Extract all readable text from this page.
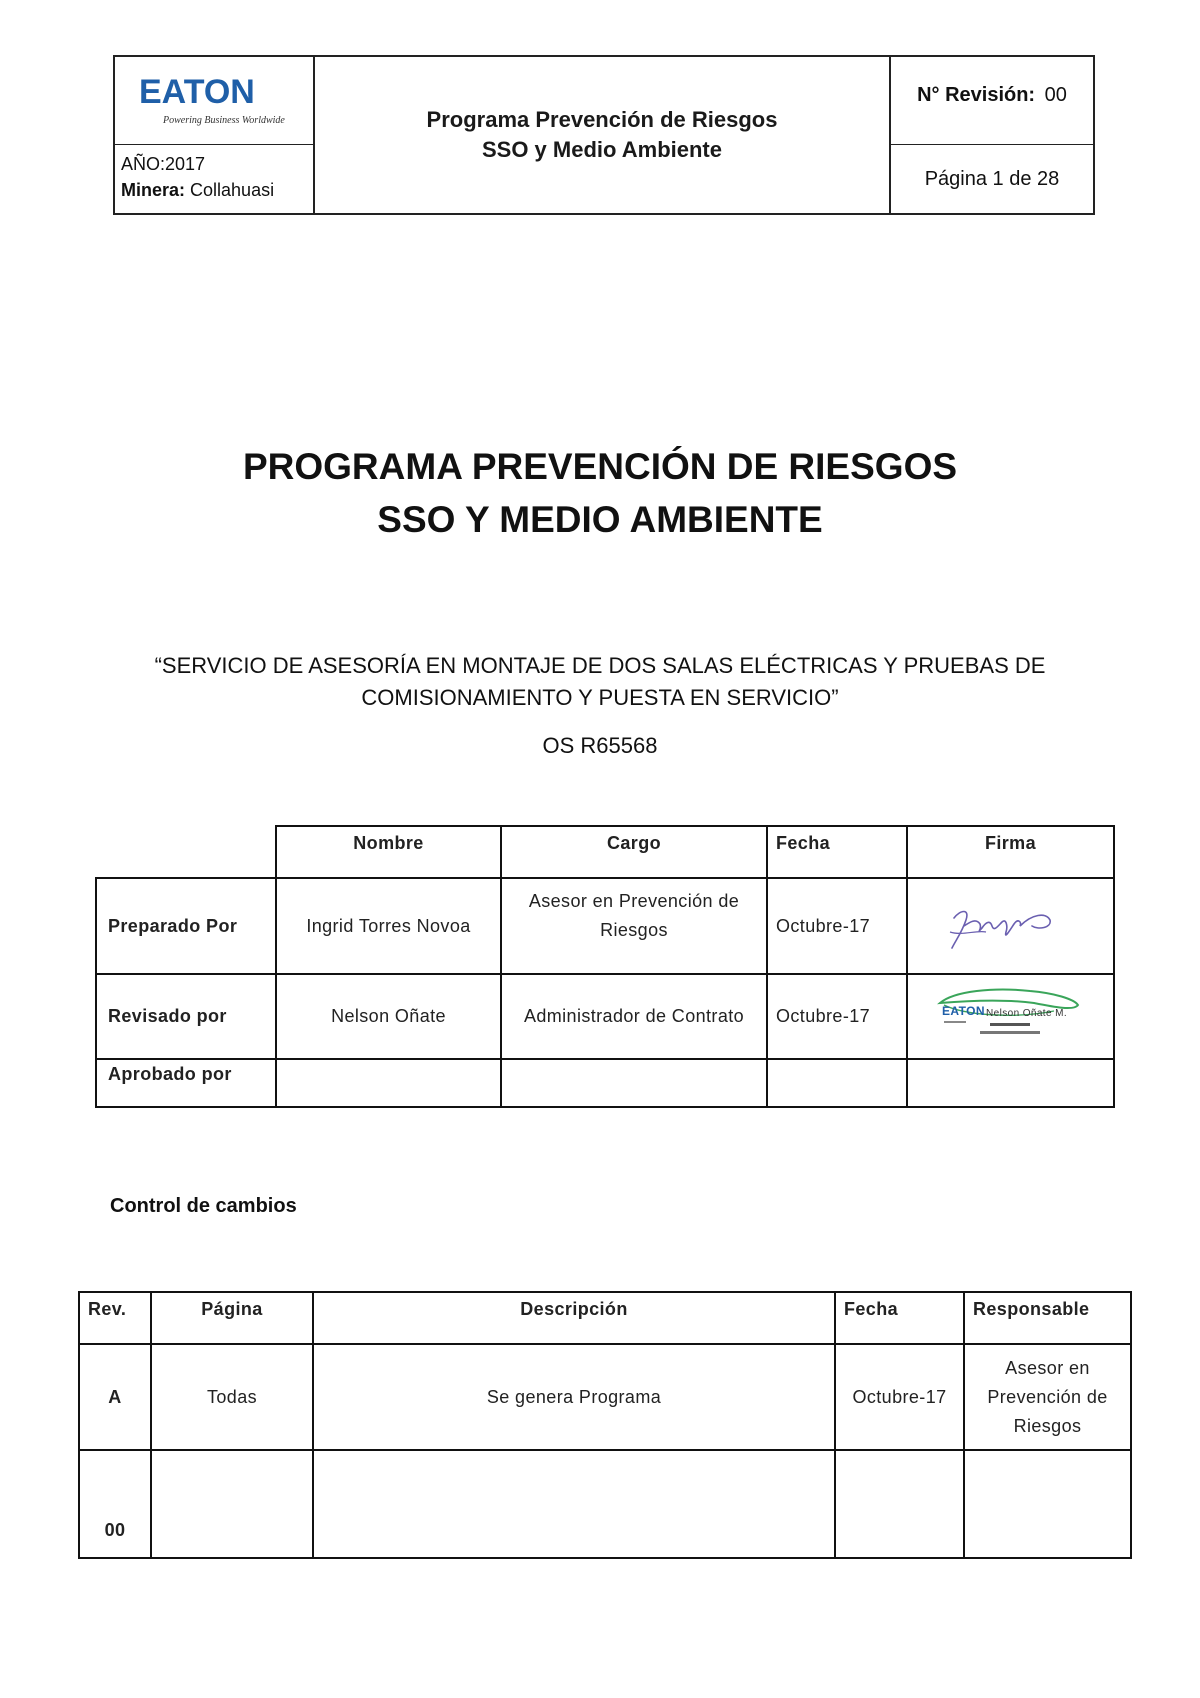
EATON
Powering Business Worldwide
AÑO:2017
Minera: Collahuasi
Programa Prevención de Riesgos
SSO y Medio Ambiente
N° Revisión:
00
Página 1 de 28
PROGRAMA PREVENCIÓN DE RIESGOS
SSO Y MEDIO AMBIENTE
“SERVICIO DE ASESORÍA EN MONTAJE DE DOS SALAS ELÉCTRICAS Y PRUEBAS DE
COMISIONAMIENTO Y PUESTA EN SERVICIO”
OS R65568
	Nombre	Cargo	Fecha	Firma
Preparado Por	Ingrid Torres Novoa	Asesor en Prevención de Riesgos	Octubre-17	

Revisado por	Nelson Oñate	Administrador de Contrato	Octubre-17	EATON Nelson Oñate M.

Aprobado por				
Control de cambios
Rev.	Página	Descripción	Fecha	Responsable
A	Todas	Se genera Programa	Octubre-17	Asesor en Prevención de Riesgos
00				
